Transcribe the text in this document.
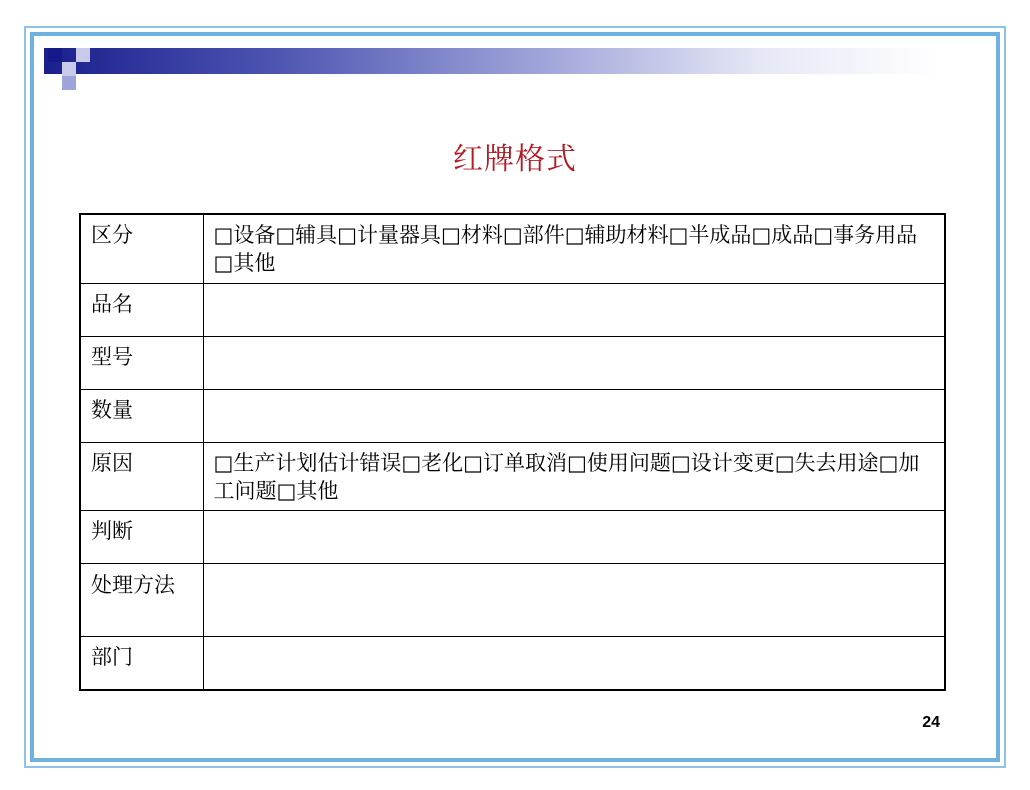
红牌格式
区分	□设备□辅具□计量器具□材料□部件□辅助材料□半成品□成品□事务用品□其他
品名	
型号	
数量	
原因	□生产计划估计错误□老化□订单取消□使用问题□设计变更□失去用途□加工问题□其他
判断	
处理方法	
部门	
24
